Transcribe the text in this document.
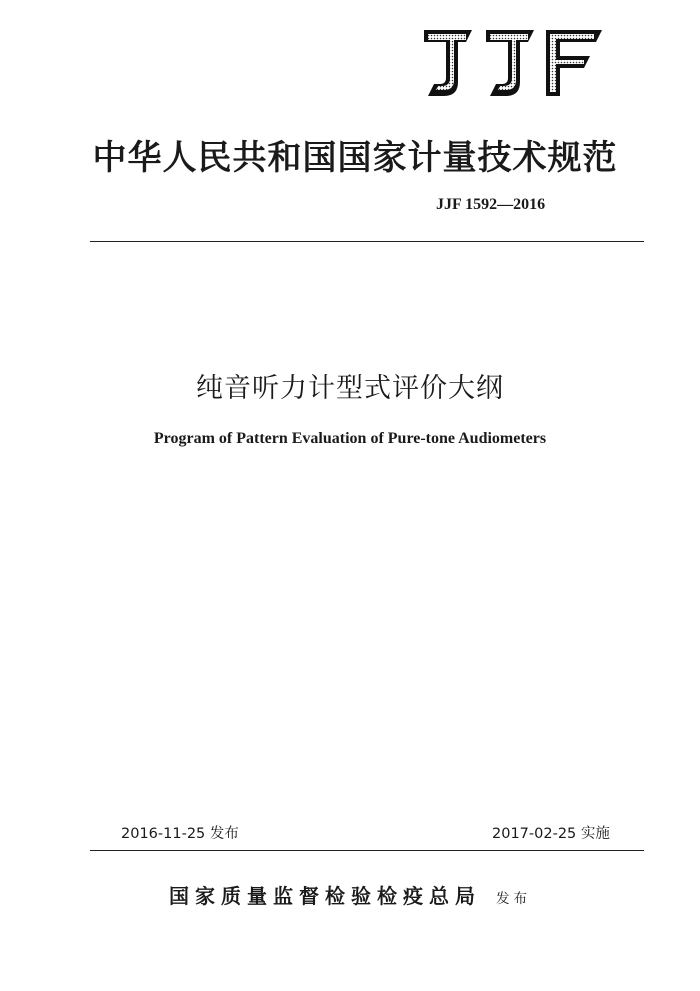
中华人民共和国国家计量技术规范
JJF 1592—2016
纯音听力计型式评价大纲
Program of Pattern Evaluation of Pure-tone Audiometers
2016-11-25 发布	2017-02-25 实施
国家质量监督检验检疫总局 发布
